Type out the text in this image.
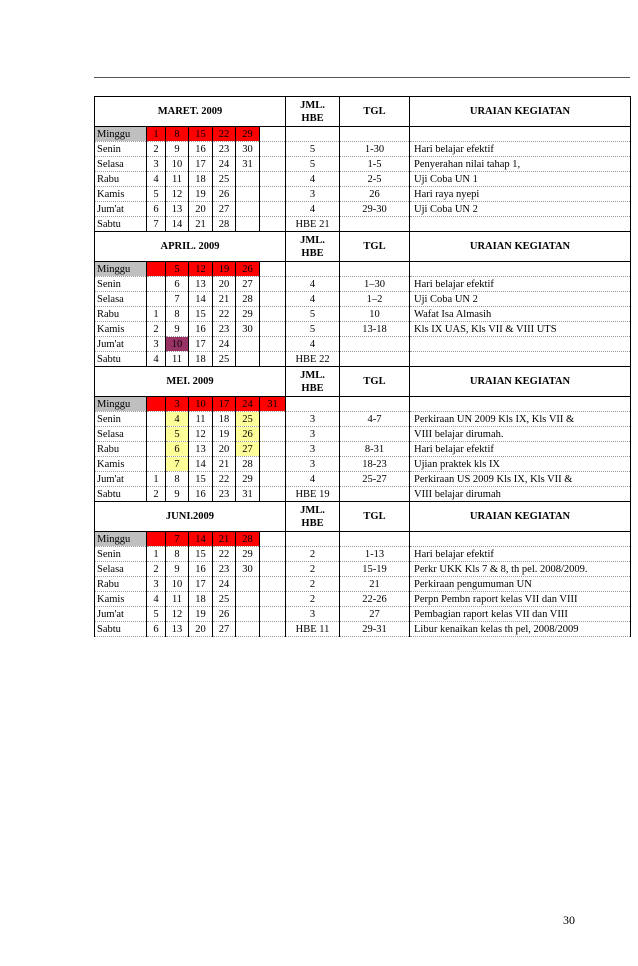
MARET. 2009							JML.
HBE	TGL	URAIAN KEGIATAN
Minggu	1	8	15	22	29				
Senin	2	9	16	23	30		5	1-30	Hari belajar efektif
Selasa	3	10	17	24	31		5	1-5	Penyerahan nilai tahap 1,
Rabu	4	11	18	25			4	2-5	Uji Coba UN 1
Kamis	5	12	19	26			3	26	Hari raya nyepi
Jum'at	6	13	20	27			4	29-30	Uji Coba UN 2
Sabtu	7	14	21	28			HBE 21		
APRIL. 2009							JML.
HBE	TGL	URAIAN KEGIATAN
Minggu		5	12	19	26				
Senin		6	13	20	27		4	1–30	Hari belajar efektif
Selasa		7	14	21	28		4	1–2	Uji Coba UN 2
Rabu	1	8	15	22	29		5	10	Wafat Isa Almasih
Kamis	2	9	16	23	30		5	13-18	Kls IX UAS, Kls VII & VIII UTS
Jum'at	3	10	17	24			4		
Sabtu	4	11	18	25			HBE 22		
MEI. 2009							JML.
HBE	TGL	URAIAN KEGIATAN
Minggu		3	10	17	24	31			
Senin		4	11	18	25		3	4-7	Perkiraan UN 2009 Kls IX, Kls VII &
Selasa		5	12	19	26		3		VIII belajar dirumah.
Rabu		6	13	20	27		3	8-31	Hari belajar efektif
Kamis		7	14	21	28		3	18-23	Ujian praktek kls IX
Jum'at	1	8	15	22	29		4	25-27	Perkiraan US 2009 Kls IX, Kls VII &
Sabtu	2	9	16	23	31		HBE 19		VIII belajar dirumah
JUNI.2009							JML.
HBE	TGL	URAIAN KEGIATAN
Minggu		7	14	21	28				
Senin	1	8	15	22	29		2	1-13	Hari belajar efektif
Selasa	2	9	16	23	30		2	15-19	Perkr UKK Kls 7 & 8, th pel. 2008/2009.
Rabu	3	10	17	24			2	21	Perkiraan pengumuman UN
Kamis	4	11	18	25			2	22-26	Perpn Pembn raport kelas VII dan VIII
Jum'at	5	12	19	26			3	27	Pembagian raport kelas VII dan VIII
Sabtu	6	13	20	27			HBE 11	29-31	Libur kenaikan kelas th pel, 2008/2009
30
